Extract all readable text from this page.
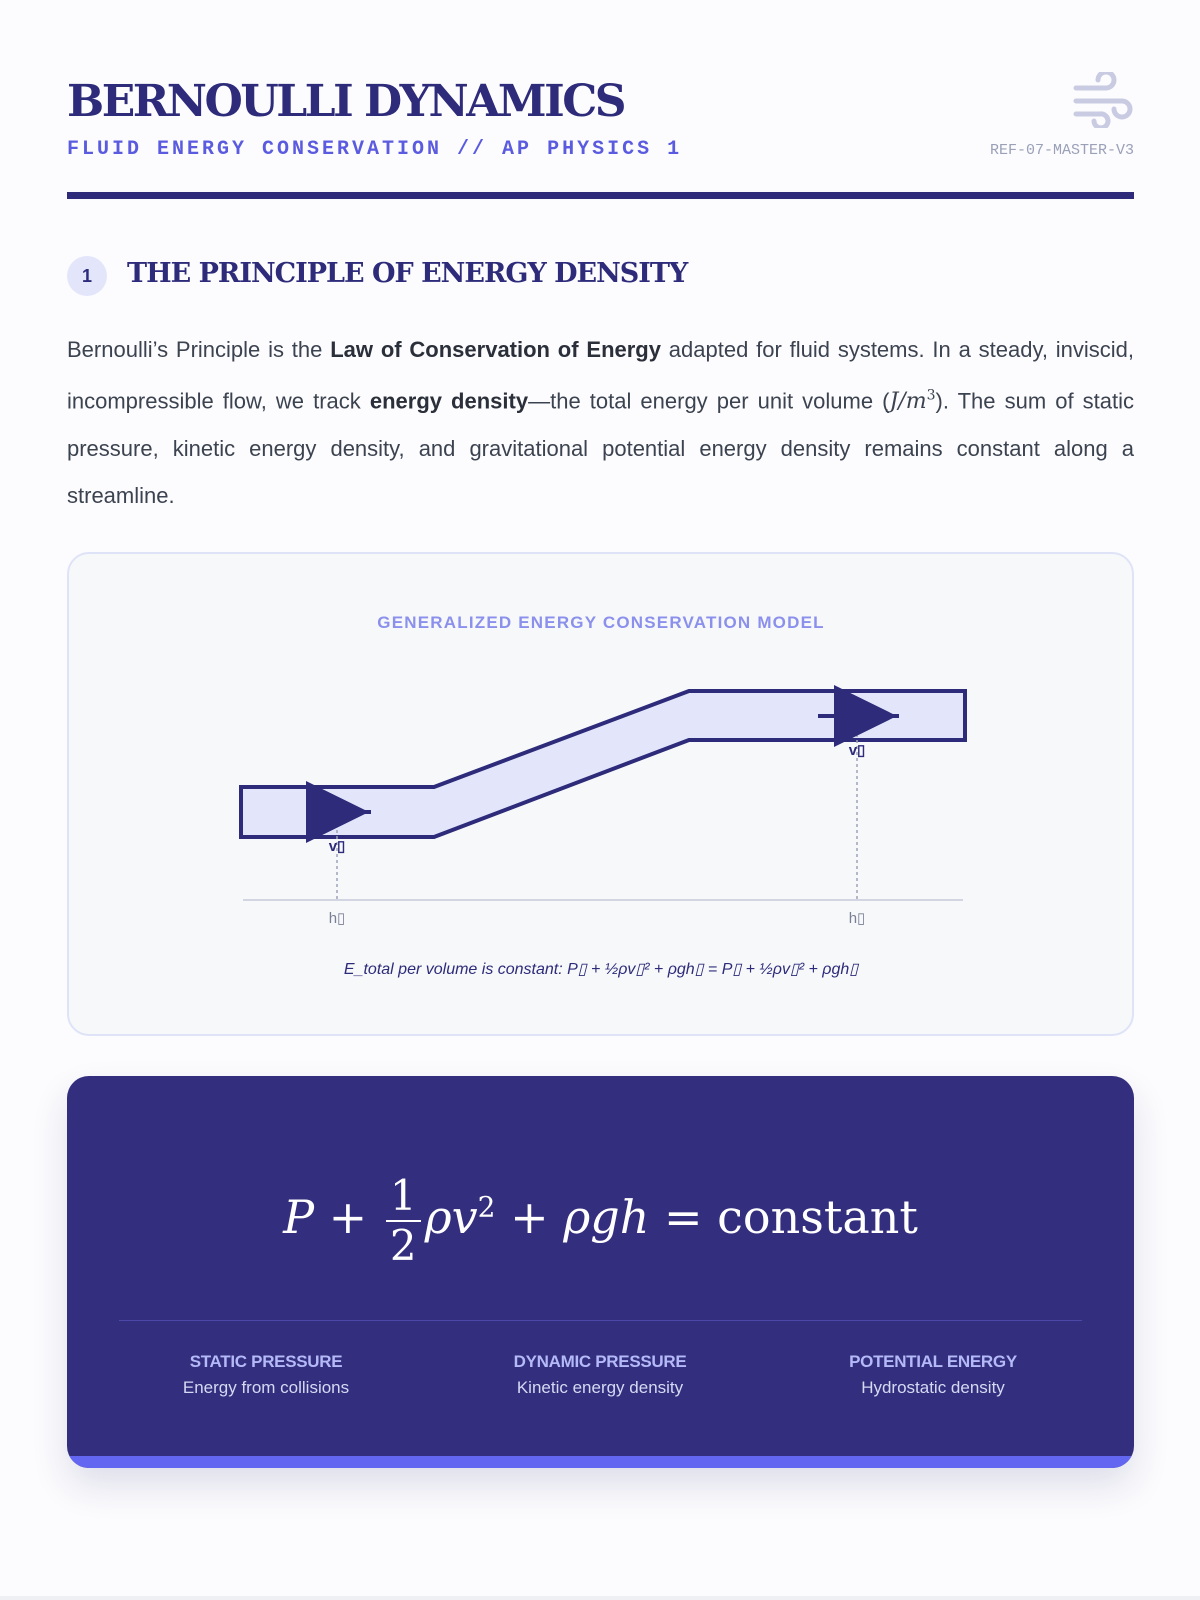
BERNOULLI DYNAMICS
FLUID ENERGY CONSERVATION // AP PHYSICS 1	REF-07-MASTER-V3
1	THE PRINCIPLE OF ENERGY DENSITY

Bernoulli’s Principle is the Law of Conservation of Energy adapted for fluid systems. In a steady, inviscid, incompressible flow, we track energy density—the total energy per unit volume $(J/m^3)$. The sum of static pressure, kinetic energy density, and gravitational potential energy density remains constant along a streamline.

GENERALIZED ENERGY CONSERVATION MODEL
v▯
v▯
h▯	h▯
E_total per volume is constant: P▯ + ½ρv▯² + ρgh▯ = P▯ + ½ρv▯² + ρgh▯
$P + \frac{1}{2} \rho v^2 + \rho gh$ = constant
STATIC PRESSURE
Energy from collisions
DYNAMIC PRESSURE
Kinetic energy density
POTENTIAL ENERGY
Hydrostatic density
